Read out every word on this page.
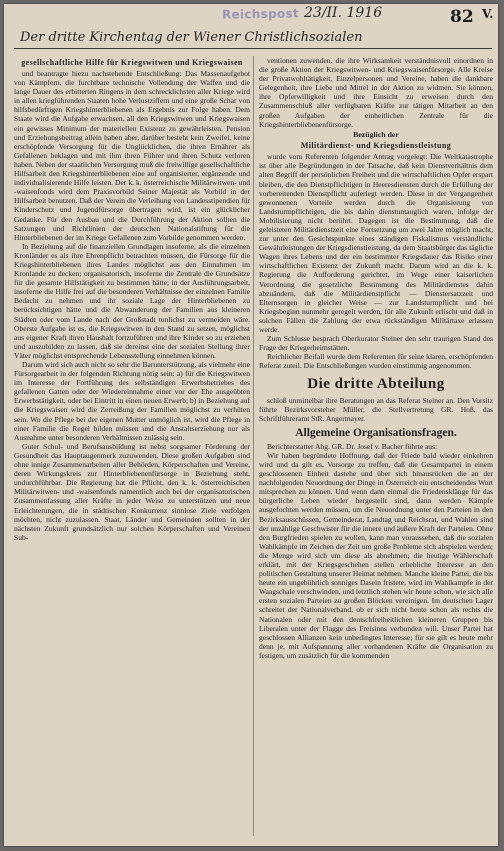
Reichspost 23/II. 1916	82 V.
Der dritte Kirchentag der Wiener Christlichsozialen
gesellschaftliche Hilfe für Kriegswitwen und Kriegswaisen
und beantragte hiezu nachstehende Entschließung: Das Massenaufgebot von Kämpfern, die furchtbare technische Vollendung der Waffen und die lange Dauer des erbitterten Ringens in dem schrecklichsten aller Kriege wird in allen kriegführenden Staaten hohe Verlustziffern und eine große Schar von hilfsbedürftigen Kriegshinterbliebenen als Ergebnis zur Folge haben. Dem Staate wird die Aufgabe erwachsen, all den Kriegswitwen und Kriegswaisen ein gewisses Minimum der materiellen Existenz zu gewährleisten. Pension und Erziehungsbeitrag allein haben aber, darüber besteht kein Zweifel, keine erschöpfende Versorgung für die Unglücklichen, die ihren Ernährer als Gefallenen beklagen und mit ihm ihren Führer und ihren Schutz verloren haben. Neben der staatlichen Versorgung muß die freiwillige gesellschaftliche Hilfsarbeit den Kriegshinterbliebenen eine auf organisierter, ergänzende und individualisierende Hilfe leisten. Der k. k. österreichische Militärwitwen- und -waisenfonds wird dem Praxisvorbild Seiner Majestät als Vorbild in der Hilfsarbeit benutzen. Daß der Verein die Verleihung von Landesstipendien für Kinderschutz und Jugendfürsorge übertragen wird, ist ein glücklicher Gedanke. Für den Ausbau und die Durchführung der Aktion sollten die Satzungen und Richtlinien der deutschen Nationalstiftung für die Hinterbliebenen der im Kriege Gefallenen zum Vorbilde genommen werden.
In Beziehung auf die finanziellen Grundlagen insoferne, als die einzelnen Kronländer es als ihre Ehrenpflicht betrachten müssen, die Fürsorge für die Kriegshinterbliebenen ihres Landes möglichst aus den Einnahmen im Kronlande zu decken; organisatorisch, insoferne die Zentrale die Grundsätze für die gesamte Hilfstätigkeit zu bestimmen hätte; in der Ausführungsarbeit, insoferne die Hilfe frei auf die besonderen Verhältnisse der einzelnen Familie Bedacht zu nehmen und ihr soziale Lage der Hinterbliebenen zu berücksichtigen hätte und die Abwanderung der Familien aus kleineren Städten oder vom Lande nach der Großstadt tunlichst zu vermeiden wäre. Oberste Aufgabe ist es, die Kriegswitwen in den Stand zu setzen, möglichst aus eigener Kraft ihren Haushalt fortzuführen und ihre Kinder so zu erziehen und auszubilden zu lassen, daß sie dereinst eine der sozialen Stellung ihrer Väter möglichst entsprechende Lebensstellung einnehmen können.
Darum wird sich auch nicht so sehr die Barunterstützung, als vielmehr eine Fürsorgearbeit in der folgenden Richtung nötig sein: a) für die Kriegswitwen im Interesse der Fortführung des selbständigen Erwerbsbetriebes des gefallenen Gatten oder der Wiedereinnahme einer vor der Ehe ausgeübten Erwerbstätigkeit, oder bei Eintritt in einen neuen Erwerb; b) in Beziehung auf die Kriegswaisen wird die Zerreißung der Familien möglichst zu verhüten sein. Wo die Pflege bei der eigenen Mutter unmöglich ist, wird die Pflege in einer Familie die Regel bilden müssen und die Anstaltserziehung nur als Ausnahme unter besonderen Verhältnissen zulässig sein.
Guter Schul- und Berufsausbildung ist nebst sorgsamer Förderung der Gesundheit das Hauptaugenmerk zuzuwenden. Diese großen Aufgaben sind ohne innige Zusammenarbeiten aller Behörden, Körperschaften und Vereine, deren Wirkungskreis zur Hinterbliebenenfürsorge in Beziehung steht, undurchführbar. Die Regierung hat die Pflicht, den k. k. österreichischen Militärwitwen- und -waisenfonds namentlich auch bei der organisatorischen Zusammenfassung aller Kräfte in jeder Weise zu unterstützen und neue Erleichterungen, die in städtischen Konkurrenz sinnlose Ziele verfolgen möchten, nicht zuzulassen. Staat, Länder und Gemeinden sollten in der nächsten Zukunft grundsätzlich nur solchen Körperschaften und Vereinen Sub-
ventionen zuwenden, die ihre Wirksamkeit verständnisvoll einordnen in die große Aktion der Kriegswitwen- und Kriegswaisenfürsorge. Alle Kreise der Privatwohltätigkeit, Einzelpersonen und Vereine, haben die dankbare Gelegenheit, ihre Liebe und Mittel in der Aktion zu widmen. Sie können, ihre Opferwilligkeit und ihre Einsicht zu erweisen durch den Zusammenschluß aller verfügbaren Kräfte zur tätigen Mitarbeit an den großen Aufgaben der einheitlichen Zentrale für die Kriegshinterbliebenenfürsorge.
Bezüglich der
Militärdienst- und Kriegsdienstleistung
wurde vom Referenten folgender Antrag vorgelegt: Die Weltkatastrophe ist über alle Begründungen in der Tatsache, daß kein Dienstverhältnis dem alten Begriff der persönlichen Freiheit und die wirtschaftlichen Opfer erspart bleiben, die den Dienstpflichtigen in Heeresdiensten durch die Erfüllung der vorbereitenden Dienstpflicht auferlegt werden. Diese in der Vergangenheit gewonnenen Vorteile werden durch die Organisierung von Landsturmpflichtigen, die bis dahin dienstuntauglich waren, infolge der Mobilisierung nicht berührt. Dagegen ist die Bestimmung, daß die geleisteten Militärdienstzeit eine Fortsetzung um zwei Jahre möglich macht, zur unter den Gesichtspunkte eines ständigen Fiskalismus verständliche Gewährleistungen der Kriegsdienstleistung, da dem Staatsbürger das tägliche Wagen ihres Lebens und der ein bestimmter Kriegsdauer das Risiko einer wirtschaftlichen Existenz der Zukunft macht. Darum wird an die k. k. Regierung die Aufforderung gerichtet, im Wege einer kaiserlichen Verordnung die gesetzliche Bestimmung des Militärdienstes dahin abzuändern, daß die Militärdienstpflicht — Dienstersatzzeit und Elternsorgen in gleicher Weise — zur Landsturmpflicht und bei Kriegsbeginn nunmehr geregelt werden, für alle Zukunft erlischt und daß in solchen Fällen die Zahlung der etwa rückständigen Militärtaxe erlassen werde.
Zum Schlusse besprach Oberkurator Steiner den sehr traurigen Stand des Frage der Kriegerheimstätten.
Reichlicher Beifall wurde dem Referenten für seine klaren, erschöpfenden Referat zuteil. Die Entschließungen wurden einstimmig angenommen.
Die dritte Abteilung
schloß unmittelbar ihre Beratungen an das Referat Steiner an. Den Vorsitz führte Bezirksvorsteher Müller, die Stellvertretung GR. Hoß, das Schriftführeramt StR. Angermayer.
Allgemeine Organisationsfragen.
Berichterstatter Abg. GR. Dr. Josef v. Bacher führte aus:
Wir haben begründete Hoffnung, daß der Friede bald wieder einkehren wird und da gilt es, Vorsorge zu treffen, daß die Gesamtpartei in einem geschlossenen Einheit dastehe und über sich hinausrücken die an der nachfolgenden Neuordnung der Dinge in Österreich ein entscheidendes Wort mitsprechen zu können. Und wenn dann einmal die Friedensklänge für das bürgerliche Leben wieder hergestellt sind, dann werden Kämpfe ausgefochten werden müssen, um die Neuordnung unter den Parteien in den Bezirksausschüssen, Gemeinderat, Landtag und Reichsrat, und Wahlen sind der unzählige Geschwister für die innere und äußere Kraft der Parteien. Ohne den Burgfrieden spielen zu wollen, kann man voraussehen, daß die sozialen Wahlkämpfe im Zeichen der Zeit um große Probleme sich abspielen werden; die Menge wird sich um diese als abnehmen; die heutige Wählerschaft erklärt, mit der Kriegsgeschehen stellen erhebliche Interesse an den politischen Gestaltung unserer Heimat nehmen. Manche kleine Partei, die bis heute ein ungebührlich sonniges Dasein fristete, wird im Wahlkampfe in der Waagschale verschwinden, und letztlich stehen wir heute schon, wie sich alle ersten sozialen Parteien zu großen Blöcken vereinigen. Im deutschen Lager schreitet der Nationalverband, ob er sich nicht heute schon als rechts die Nationalen oder mit den deutschfreiheitlichen kleineren Gruppen bis Liberalen unter der Flagge des Freisinns verbunden will. Unser Partei hat geschlossen Allianzen kein unbedingtes Interesse; für sie gilt es heute mehr denn je, mit Aufspannung aller vorhandenen Kräfte die Organisation zu festigen, um zusätzlich für die kommenden
